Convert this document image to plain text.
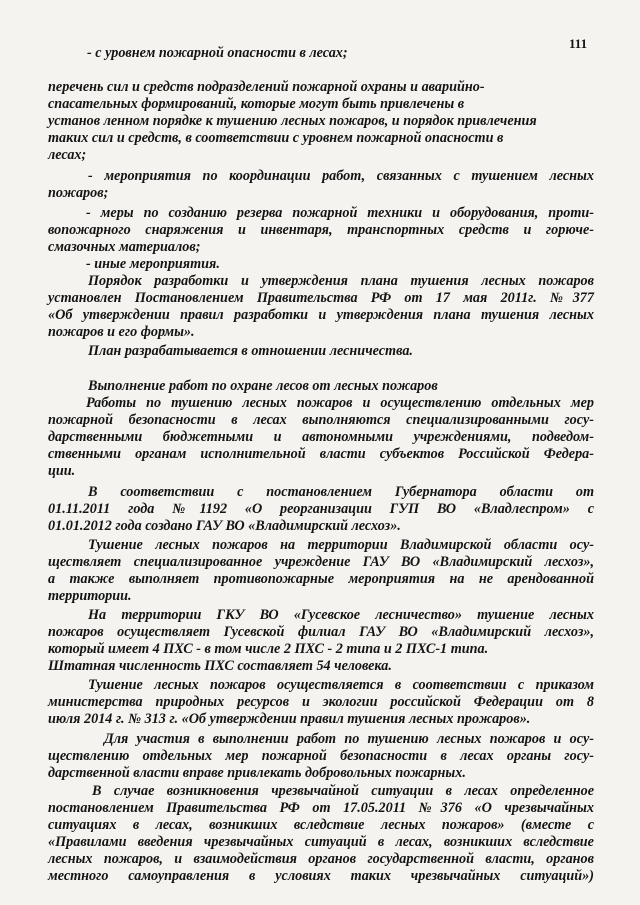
111
- с уровнем пожарной опасности в лесах;
перечень сил и средств подразделений пожарной охраны и аварийно-
спасательных формирований, которые могут быть привлечены в
установ ленном порядке к тушению лесных пожаров, и порядок привлечения
таких сил и средств, в соответствии с уровнем пожарной опасности в
лесах;
- мероприятия по координации работ, связанных с тушением лесных
пожаров;
- меры по созданию резерва пожарной техники и оборудования, проти-
вопожарного снаряжения и инвентаря, транспортных средств и горюче-
смазочных материалов;
- иные мероприятия.
Порядок разработки и утверждения плана тушения лесных пожаров
установлен Постановлением Правительства РФ от 17 мая 2011г. №377
«Об утверждении правил разработки и утверждения плана тушения лесных
пожаров и его формы».
План разрабатывается в отношении лесничества.
Выполнение работ по охране лесов от лесных пожаров
Работы по тушению лесных пожаров и осуществлению отдельных мер
пожарной безопасности в лесах выполняются специализированными госу-
дарственными бюджетными и автономными учреждениями, подведом-
ственными органам исполнительной власти субъектов Российской Федера-
ции.
В соответствии с постановлением Губернатора области от
01.11.2011 года №1192 «О реорганизации ГУП ВО «Владлеспром» с
01.01.2012 года создано ГАУ ВО «Владимирский лесхоз».
Тушение лесных пожаров на территории Владимирской области осу-
ществляет специализированное учреждение ГАУ ВО «Владимирский лесхоз»,
а также выполняет противопожарные мероприятия на не арендованной
территории.
На территории ГКУ ВО «Гусевское лесничество» тушение лесных
пожаров осуществляет Гусевской филиал ГАУ ВО «Владимирский лесхоз»,
который имеет 4 ПХС - в том числе 2 ПХС - 2 типа и 2 ПХС-1 типа.
Штатная численность ПХС составляет 54 человека.
Тушение лесных пожаров осуществляется в соответствии с приказом
министерства природных ресурсов и экологии российской Федерации от 8
июля 2014 г. № 313 г. «Об утверждении правил тушения лесных прожаров».
Для участия в выполнении работ по тушению лесных пожаров и осу-
ществлению отдельных мер пожарной безопасности в лесах органы госу-
дарственной власти вправе привлекать добровольных пожарных.
В случае возникновения чрезвычайной ситуации в лесах определенное
постановлением Правительства РФ от 17.05.2011 №376 «О чрезвычайных
ситуациях в лесах, возникших вследствие лесных пожаров» (вместе с
«Правилами введения чрезвычайных ситуаций в лесах, возникших вследствие
лесных пожаров, и взаимодействия органов государственной власти, органов
местного самоуправления в условиях таких чрезвычайных ситуаций»)
